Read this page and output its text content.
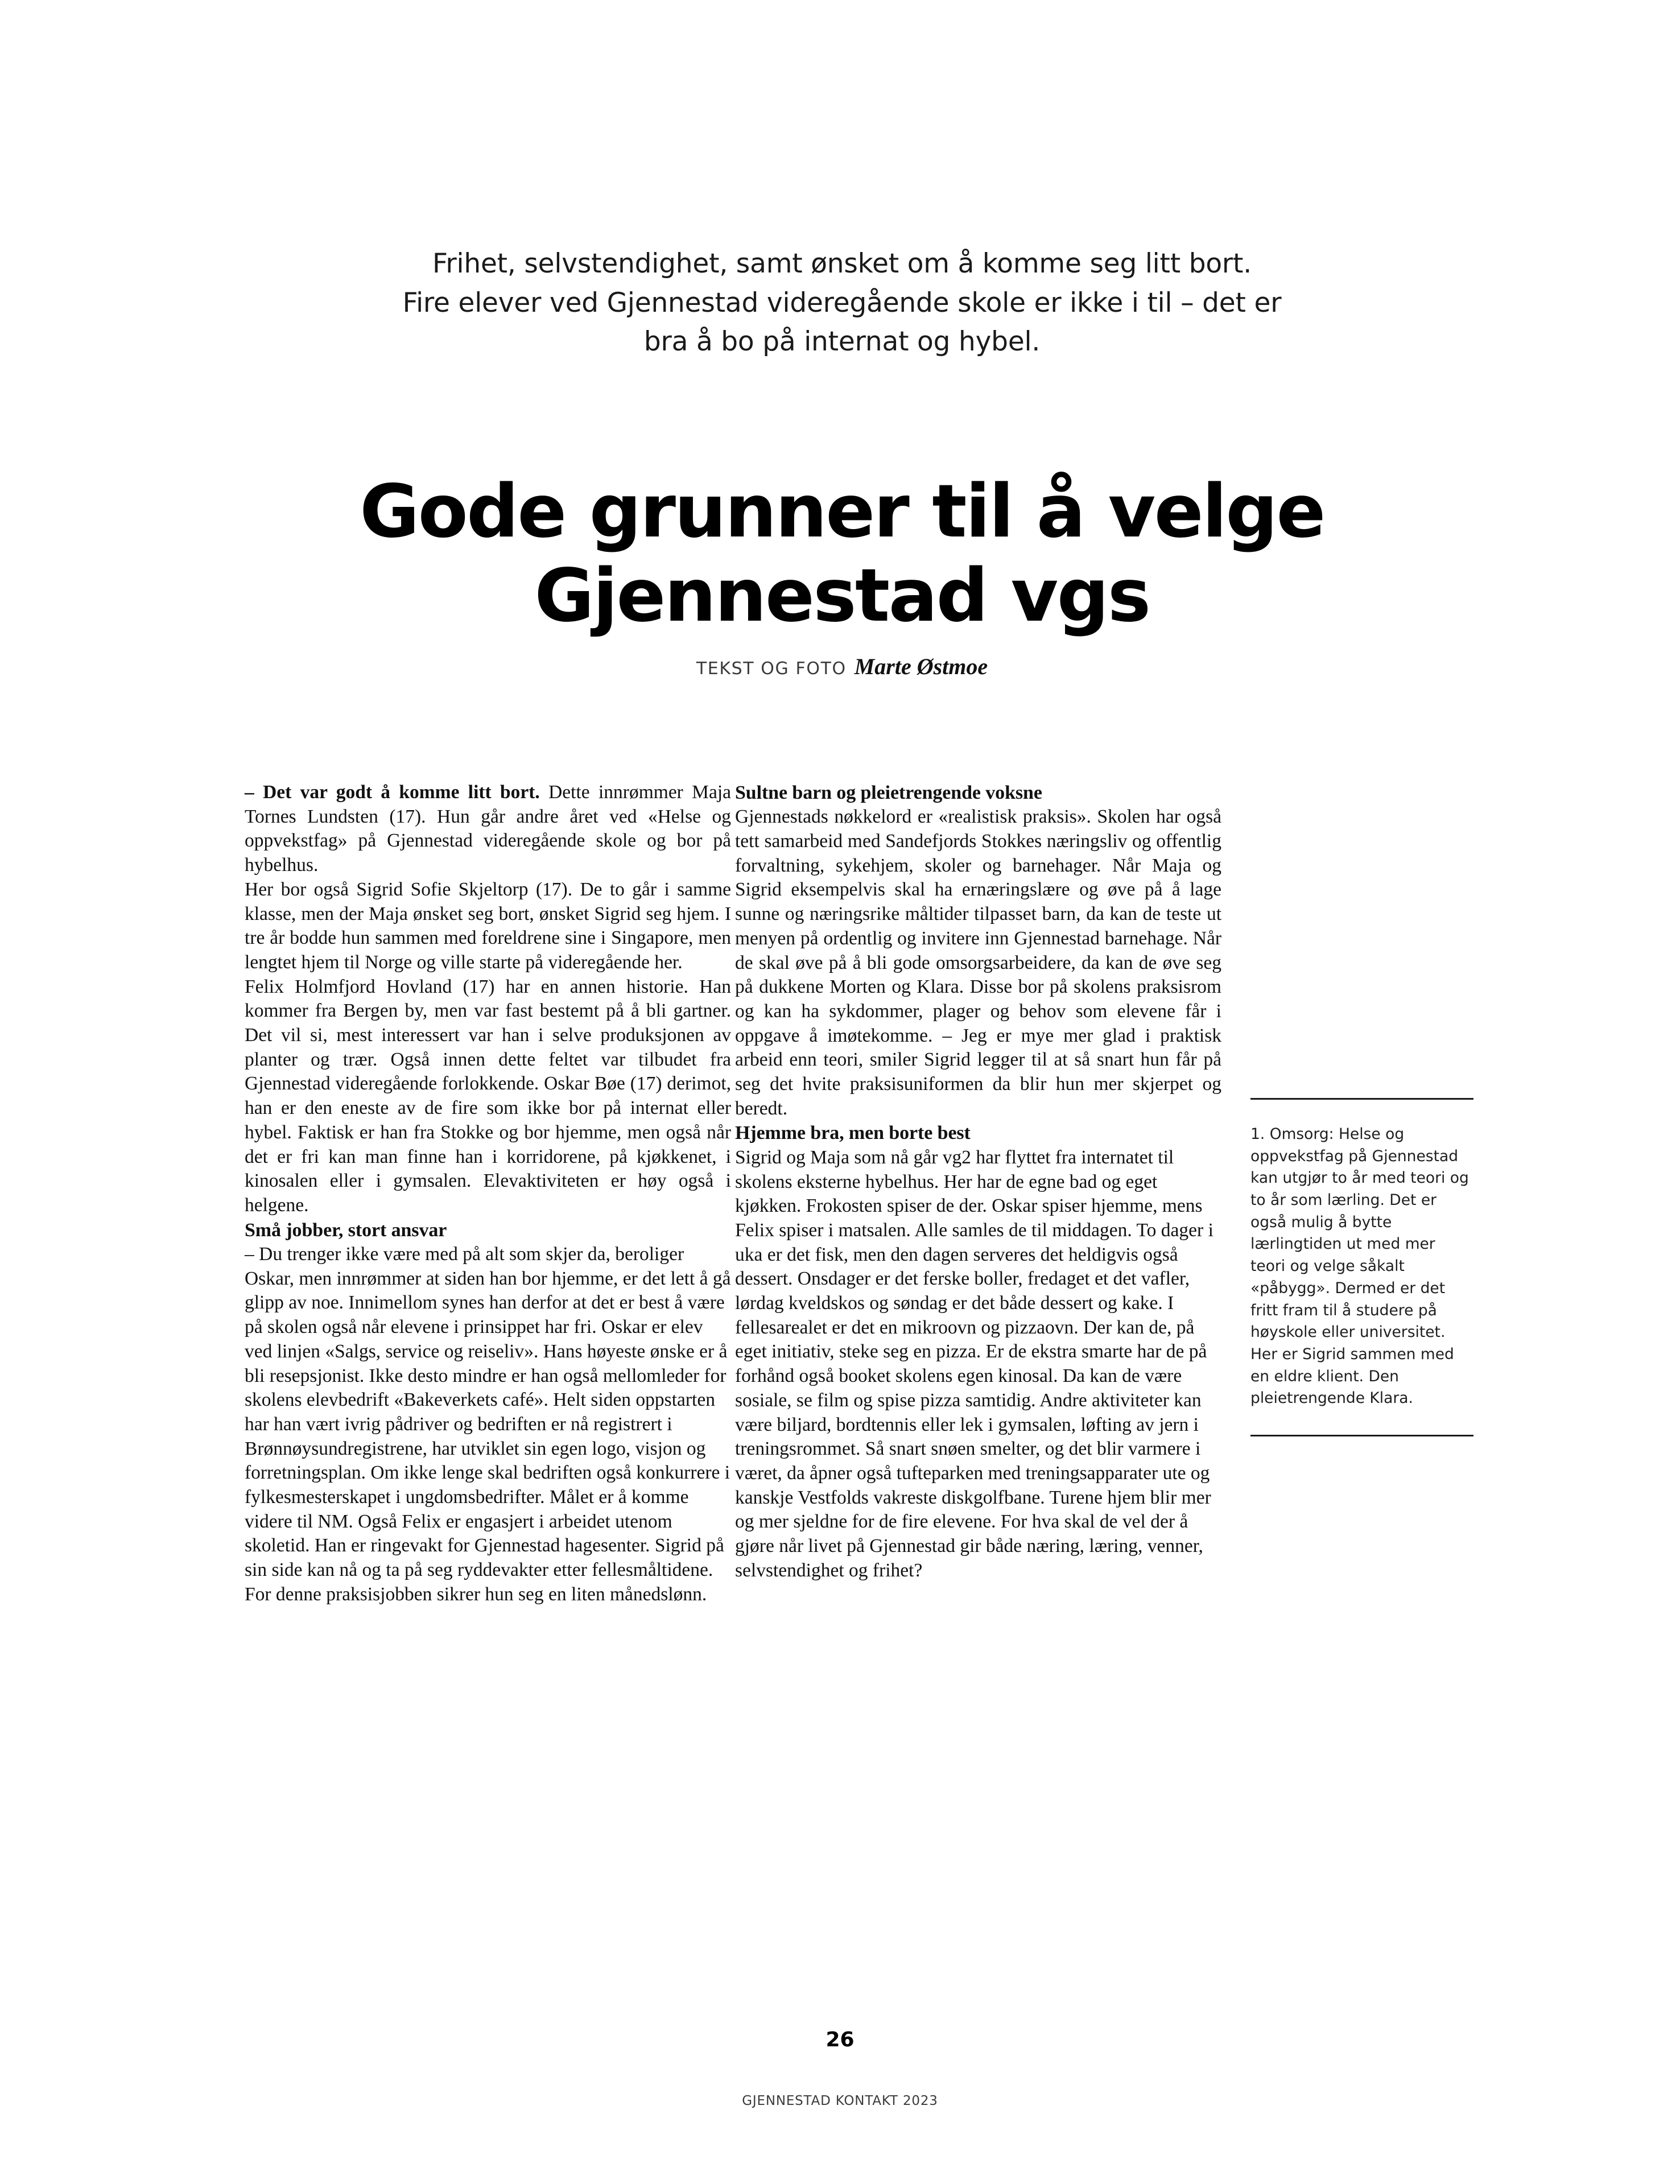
Frihet, selvstendighet, samt ønsket om å komme seg litt bort.
Fire elever ved Gjennestad videregående skole er ikke i til – det er
bra å bo på internat og hybel.
Gode grunner til å velge
Gjennestad vgs
TEKST OG FOTO Marte Østmoe

– Det var godt å komme litt bort. Dette innrømmer Maja Tornes Lundsten (17). Hun går andre året ved «Helse og oppvekstfag» på Gjennestad videregående skole og bor på hybelhus.

Her bor også Sigrid Sofie Skjeltorp (17). De to går i samme klasse, men der Maja ønsket seg bort, ønsket Sigrid seg hjem. I tre år bodde hun sammen med foreldrene sine i Singapore, men lengtet hjem til Norge og ville starte på videregående her.

Felix Holmfjord Hovland (17) har en annen historie. Han kommer fra Bergen by, men var fast bestemt på å bli gartner. Det vil si, mest interessert var han i selve produksjonen av planter og trær. Også innen dette feltet var tilbudet fra Gjennestad videregående forlokkende. Oskar Bøe (17) derimot, han er den eneste av de fire som ikke bor på internat eller hybel. Faktisk er han fra Stokke og bor hjemme, men også når det er fri kan man finne han i korridorene, på kjøkkenet, i kinosalen eller i gymsalen. Elevaktiviteten er høy også i helgene.

Små jobber, stort ansvar

– Du trenger ikke være med på alt som skjer da, beroliger Oskar, men innrømmer at siden han bor hjemme, er det lett å gå glipp av noe. Innimellom synes han derfor at det er best å være på skolen også når elevene i prinsippet har fri. Oskar er elev ved linjen «Salgs, service og reiseliv». Hans høyeste ønske er å bli resepsjonist. Ikke desto mindre er han også mellomleder for skolens elevbedrift «Bakeverkets café». Helt siden oppstarten har han vært ivrig pådriver og bedriften er nå registrert i Brønnøysundregistrene, har utviklet sin egen logo, visjon og forretningsplan. Om ikke lenge skal bedriften også konkurrere i fylkesmesterskapet i ungdomsbedrifter. Målet er å komme videre til NM. Også Felix er engasjert i arbeidet utenom skoletid. Han er ringevakt for Gjennestad hagesenter. Sigrid på sin side kan nå og ta på seg ryddevakter etter fellesmåltidene. For denne praksisjobben sikrer hun seg en liten månedslønn.

Sultne barn og pleietrengende voksne

Gjennestads nøkkelord er «realistisk praksis». Skolen har også tett samarbeid med Sandefjords Stokkes næringsliv og offentlig forvaltning, sykehjem, skoler og barnehager. Når Maja og Sigrid eksempelvis skal ha ernæringslære og øve på å lage sunne og næringsrike måltider tilpasset barn, da kan de teste ut menyen på ordentlig og invitere inn Gjennestad barnehage. Når de skal øve på å bli gode omsorgsarbeidere, da kan de øve seg på dukkene Morten og Klara. Disse bor på skolens praksisrom og kan ha sykdommer, plager og behov som elevene får i oppgave å imøtekomme. – Jeg er mye mer glad i praktisk arbeid enn teori, smiler Sigrid legger til at så snart hun får på seg det hvite praksisuniformen da blir hun mer skjerpet og beredt.

Hjemme bra, men borte best

Sigrid og Maja som nå går vg2 har flyttet fra internatet til skolens eksterne hybelhus. Her har de egne bad og eget kjøkken. Frokosten spiser de der. Oskar spiser hjemme, mens Felix spiser i matsalen. Alle samles de til middagen. To dager i uka er det fisk, men den dagen serveres det heldigvis også dessert. Onsdager er det ferske boller, fredaget et det vafler, lørdag kveldskos og søndag er det både dessert og kake. I fellesarealet er det en mikroovn og pizzaovn. Der kan de, på eget initiativ, steke seg en pizza. Er de ekstra smarte har de på forhånd også booket skolens egen kinosal. Da kan de være sosiale, se film og spise pizza samtidig. Andre aktiviteter kan være biljard, bordtennis eller lek i gymsalen, løfting av jern i treningsrommet. Så snart snøen smelter, og det blir varmere i været, da åpner også tufteparken med treningsapparater ute og kanskje Vestfolds vakreste diskgolfbane. Turene hjem blir mer og mer sjeldne for de fire elevene. For hva skal de vel der å gjøre når livet på Gjennestad gir både næring, læring, venner, selvstendighet og frihet?

1. Omsorg: Helse og oppvekstfag på Gjennestad kan utgjør to år med teori og to år som lærling. Det er også mulig å bytte lærlingtiden ut med mer teori og velge såkalt «påbygg». Dermed er det fritt fram til å studere på høyskole eller universitet. Her er Sigrid sammen med en eldre klient. Den pleietrengende Klara.

26
GJENNESTAD KONTAKT 2023
